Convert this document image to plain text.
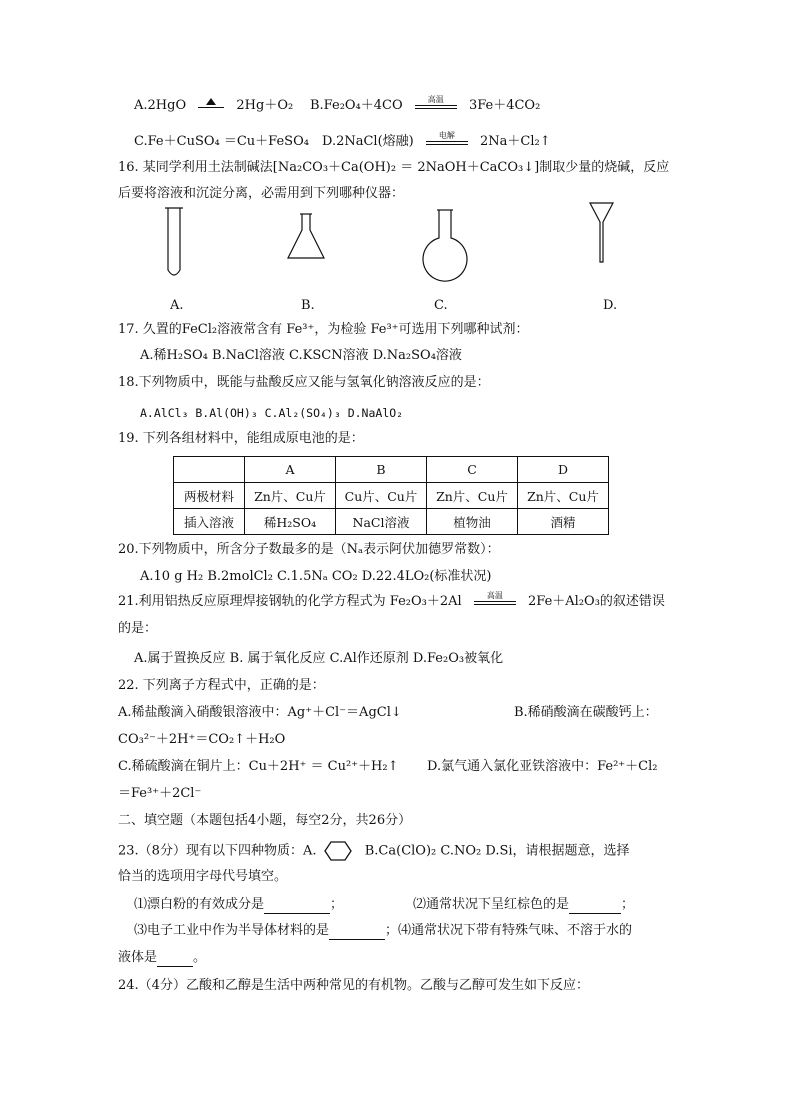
A.2HgO	2Hg＋O₂ B.Fe₂O₄＋4CO	高温	3Fe＋4CO₂
C.Fe＋CuSO₄ ＝Cu＋FeSO₄ D.2NaCl(熔融)	电解	2Na＋Cl₂↑
16. 某同学利用土法制碱法[Na₂CO₃＋Ca(OH)₂ ＝ 2NaOH＋CaCO₃↓]制取少量的烧碱，反应
后要将溶液和沉淀分离，必需用到下列哪种仪器：
A.	B.	C.	D.
17. 久置的FeCl₂溶液常含有 Fe³⁺，为检验 Fe³⁺可选用下列哪种试剂：
A.稀H₂SO₄ B.NaCl溶液 C.KSCN溶液 D.Na₂SO₄溶液
18.下列物质中，既能与盐酸反应又能与氢氧化钠溶液反应的是：
A.AlCl₃ B.Al(OH)₃ C.Al₂(SO₄)₃ D.NaAlO₂
19. 下列各组材料中，能组成原电池的是：
	A	B	C	D
两极材料	Zn片、Cu片	Cu片、Cu片	Zn片、Cu片	Zn片、Cu片
插入溶液	稀H₂SO₄	NaCl溶液	植物油	酒精
20.下列物质中，所含分子数最多的是（Nₐ表示阿伏加德罗常数）：
A.10 g H₂ B.2molCl₂ C.1.5Nₐ CO₂ D.22.4LO₂(标准状况)
21.利用铝热反应原理焊接钢轨的化学方程式为 Fe₂O₃＋2Al	高温	2Fe＋Al₂O₃的叙述错误
的是：
A.属于置换反应 B. 属于氧化反应 C.Al作还原剂 D.Fe₂O₃被氧化
22. 下列离子方程式中，正确的是：
A.稀盐酸滴入硝酸银溶液中：Ag⁺＋Cl⁻＝AgCl↓	B.稀硝酸滴在碳酸钙上：
CO₃²⁻＋2H⁺＝CO₂↑＋H₂O
C.稀硫酸滴在铜片上：Cu＋2H⁺ ＝ Cu²⁺＋H₂↑ D.氯气通入氯化亚铁溶液中：Fe²⁺＋Cl₂
＝Fe³⁺＋2Cl⁻
二、填空题（本题包括4小题，每空2分，共26分）
23.（8分）现有以下四种物质：A.	B.Ca(ClO)₂ C.NO₂ D.Si，请根据题意，选择
恰当的选项用字母代号填空。
⑴漂白粉的有效成分是	；	⑵通常状况下呈红棕色的是	；
⑶电子工业中作为半导体材料的是	；⑷通常状况下带有特殊气味、不溶于水的
液体是	。
24.（4分）乙酸和乙醇是生活中两种常见的有机物。乙酸与乙醇可发生如下反应：
